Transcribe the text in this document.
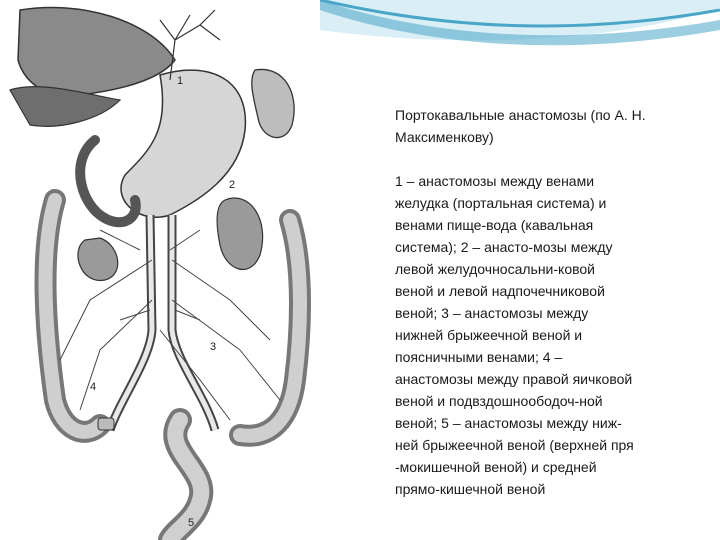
1
2
3
4
5
Портокавальные анастомозы (по А. Н. Максименкову)
1 – анастомозы между венами
желудка (портальная система) и
венами пище-вода (кавальная
система); 2 – анасто-мозы между
левой желудочносальни-ковой
веной и левой надпочечниковой
веной; 3 – анастомозы между
нижней брыжеечной веной и
поясничными венами; 4 –
анастомозы между правой яичковой
веной и подвздошноободоч-ной
веной; 5 – анастомозы между ниж-
ней брыжеечной веной (верхней пря
-мокишечной веной) и средней
прямо-кишечной веной
